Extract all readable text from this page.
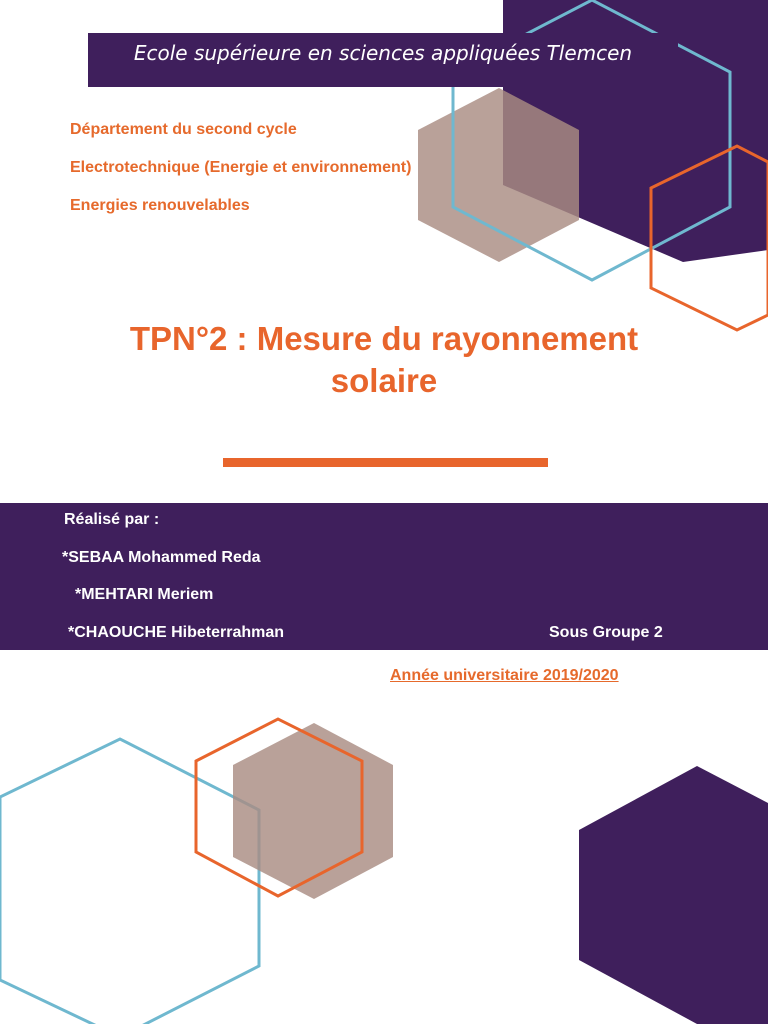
Ecole supérieure en sciences appliquées Tlemcen
Département du second cycle
Electrotechnique (Energie et environnement)
Energies renouvelables
TPN°2 : Mesure du rayonnement
solaire
Réalisé par :
*SEBAA Mohammed Reda
*MEHTARI Meriem
*CHAOUCHE Hibeterrahman	Sous Groupe 2
Année universitaire 2019/2020
